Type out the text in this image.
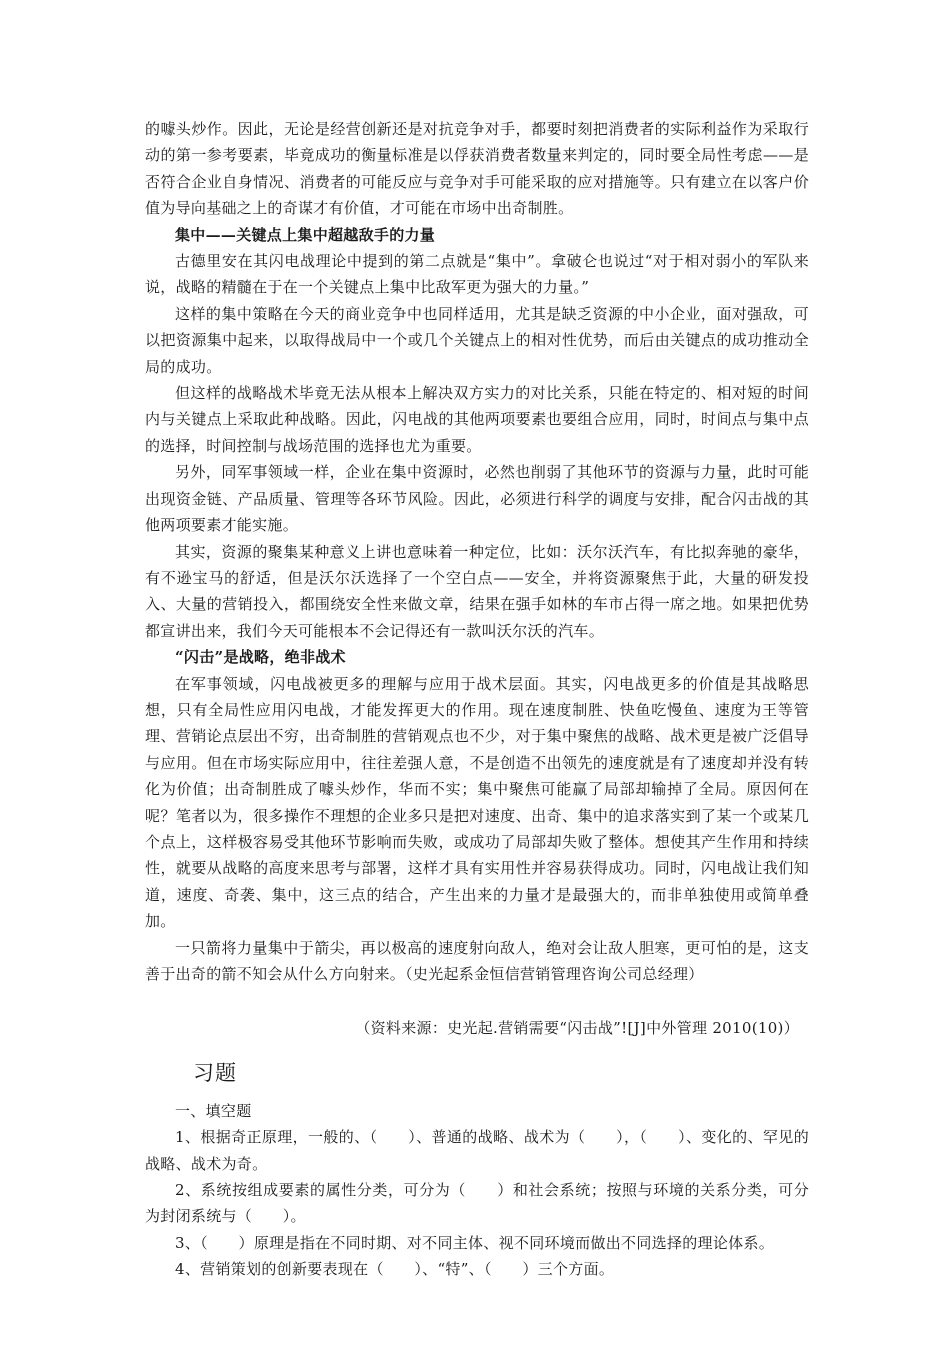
的噱头炒作。因此，无论是经营创新还是对抗竞争对手，都要时刻把消费者的实际利益作为采取行动的第一参考要素，毕竟成功的衡量标准是以俘获消费者数量来判定的，同时要全局性考虑——是否符合企业自身情况、消费者的可能反应与竞争对手可能采取的应对措施等。只有建立在以客户价值为导向基础之上的奇谋才有价值，才可能在市场中出奇制胜。

集中——关键点上集中超越敌手的力量

古德里安在其闪电战理论中提到的第二点就是“集中”。拿破仑也说过“对于相对弱小的军队来说，战略的精髓在于在一个关键点上集中比敌军更为强大的力量。”

这样的集中策略在今天的商业竞争中也同样适用，尤其是缺乏资源的中小企业，面对强敌，可以把资源集中起来，以取得战局中一个或几个关键点上的相对性优势，而后由关键点的成功推动全局的成功。

但这样的战略战术毕竟无法从根本上解决双方实力的对比关系，只能在特定的、相对短的时间内与关键点上采取此种战略。因此，闪电战的其他两项要素也要组合应用，同时，时间点与集中点的选择，时间控制与战场范围的选择也尤为重要。

另外，同军事领域一样，企业在集中资源时，必然也削弱了其他环节的资源与力量，此时可能出现资金链、产品质量、管理等各环节风险。因此，必须进行科学的调度与安排，配合闪击战的其他两项要素才能实施。

其实，资源的聚集某种意义上讲也意味着一种定位，比如：沃尔沃汽车，有比拟奔驰的豪华，有不逊宝马的舒适，但是沃尔沃选择了一个空白点——安全，并将资源聚焦于此，大量的研发投入、大量的营销投入，都围绕安全性来做文章，结果在强手如林的车市占得一席之地。如果把优势都宣讲出来，我们今天可能根本不会记得还有一款叫沃尔沃的汽车。

“闪击”是战略，绝非战术

在军事领域，闪电战被更多的理解与应用于战术层面。其实，闪电战更多的价值是其战略思想，只有全局性应用闪电战，才能发挥更大的作用。现在速度制胜、快鱼吃慢鱼、速度为王等管理、营销论点层出不穷，出奇制胜的营销观点也不少，对于集中聚焦的战略、战术更是被广泛倡导与应用。但在市场实际应用中，往往差强人意，不是创造不出领先的速度就是有了速度却并没有转化为价值；出奇制胜成了噱头炒作，华而不实；集中聚焦可能赢了局部却输掉了全局。原因何在呢？笔者以为，很多操作不理想的企业多只是把对速度、出奇、集中的追求落实到了某一个或某几个点上，这样极容易受其他环节影响而失败，或成功了局部却失败了整体。想使其产生作用和持续性，就要从战略的高度来思考与部署，这样才具有实用性并容易获得成功。同时，闪电战让我们知道，速度、奇袭、集中，这三点的结合，产生出来的力量才是最强大的，而非单独使用或简单叠加。

一只箭将力量集中于箭尖，再以极高的速度射向敌人，绝对会让敌人胆寒，更可怕的是，这支善于出奇的箭不知会从什么方向射来。（史光起系金恒信营销管理咨询公司总经理）

（资料来源：史光起.营销需要“闪击战”![J]中外管理 2010(10)）

习题

一、填空题

1、根据奇正原理，一般的、（　　）、普通的战略、战术为（　　），（　　）、变化的、罕见的战略、战术为奇。

2、系统按组成要素的属性分类，可分为（　　）和社会系统；按照与环境的关系分类，可分为封闭系统与（　　）。

3、（　　）原理是指在不同时期、对不同主体、视不同环境而做出不同选择的理论体系。

4、营销策划的创新要表现在（　　）、“特”、（　　）三个方面。
